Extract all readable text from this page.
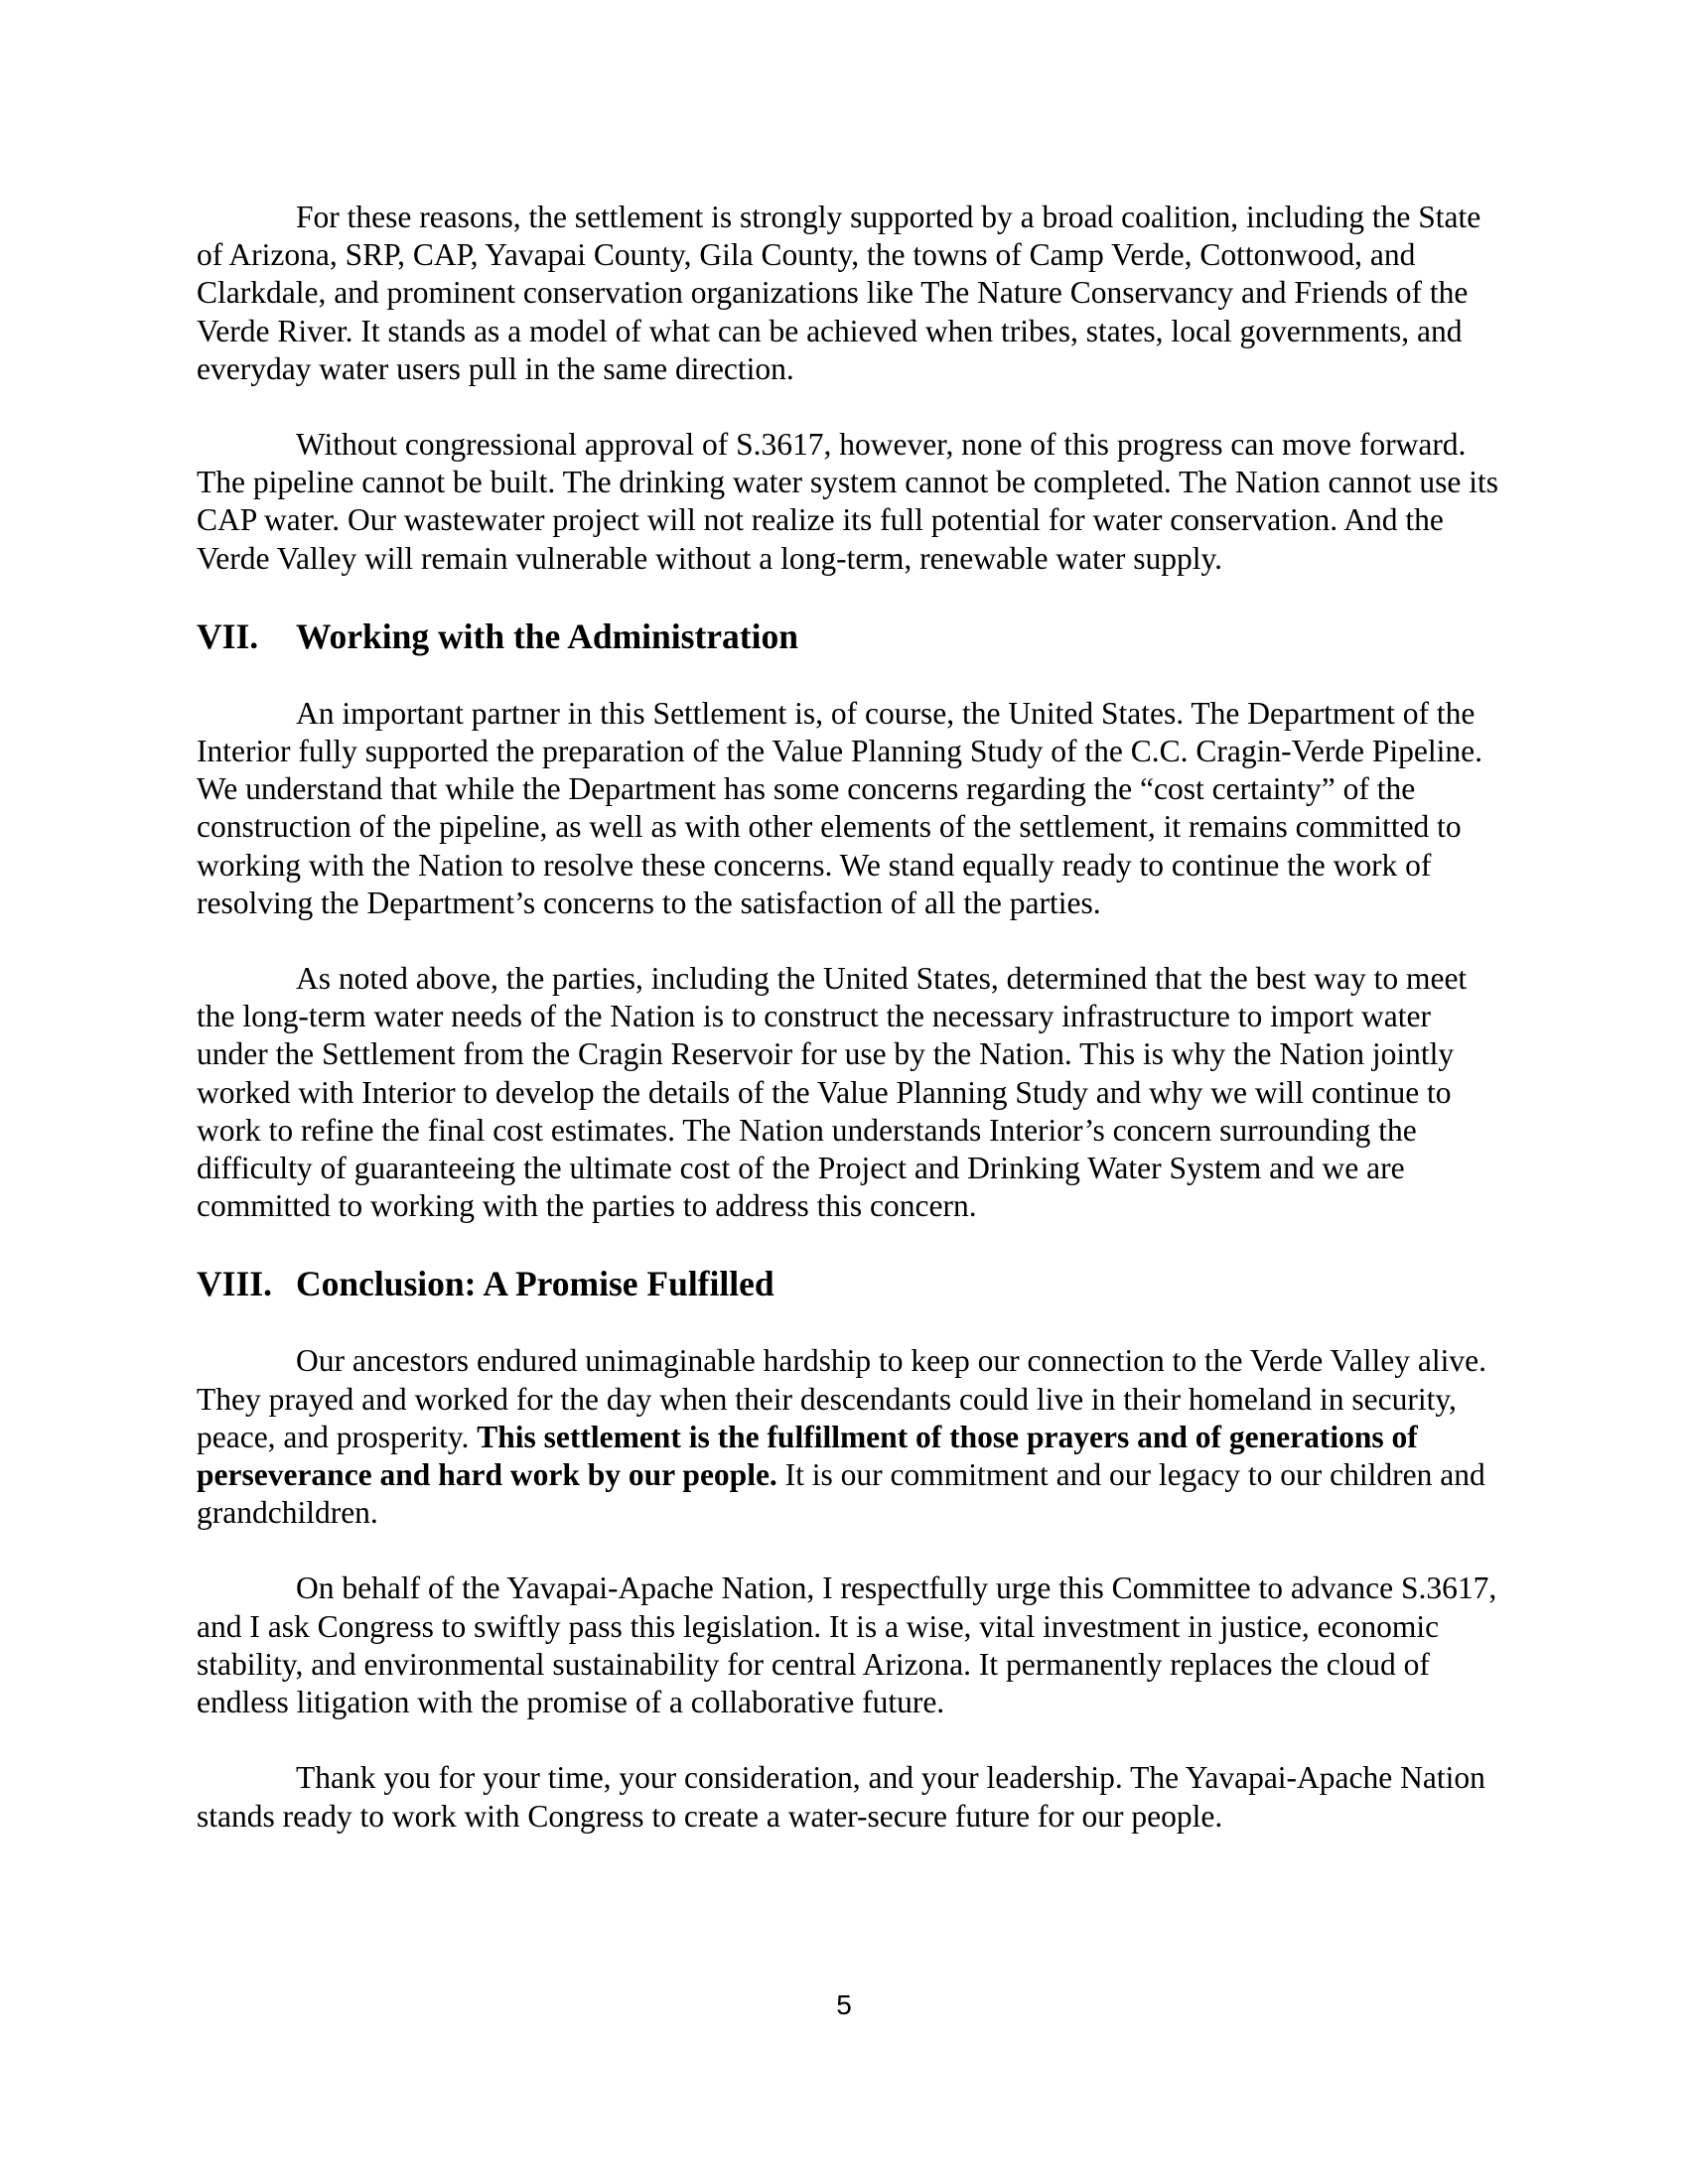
For these reasons, the settlement is strongly supported by a broad coalition, including the State of Arizona, SRP, CAP, Yavapai County, Gila County, the towns of Camp Verde, Cottonwood, and Clarkdale, and prominent conservation organizations like The Nature Conservancy and Friends of the Verde River. It stands as a model of what can be achieved when tribes, states, local governments, and everyday water users pull in the same direction.

Without congressional approval of S.3617, however, none of this progress can move forward. The pipeline cannot be built. The drinking water system cannot be completed. The Nation cannot use its CAP water. Our wastewater project will not realize its full potential for water conservation. And the Verde Valley will remain vulnerable without a long-term, renewable water supply.

VII.	Working with the Administration

An important partner in this Settlement is, of course, the United States. The Department of the Interior fully supported the preparation of the Value Planning Study of the C.C. Cragin-Verde Pipeline. We understand that while the Department has some concerns regarding the “cost certainty” of the construction of the pipeline, as well as with other elements of the settlement, it remains committed to working with the Nation to resolve these concerns. We stand equally ready to continue the work of resolving the Department’s concerns to the satisfaction of all the parties.

As noted above, the parties, including the United States, determined that the best way to meet the long-term water needs of the Nation is to construct the necessary infrastructure to import water under the Settlement from the Cragin Reservoir for use by the Nation. This is why the Nation jointly worked with Interior to develop the details of the Value Planning Study and why we will continue to work to refine the final cost estimates. The Nation understands Interior’s concern surrounding the difficulty of guaranteeing the ultimate cost of the Project and Drinking Water System and we are committed to working with the parties to address this concern.

VIII. Conclusion: A Promise Fulfilled

Our ancestors endured unimaginable hardship to keep our connection to the Verde Valley alive. They prayed and worked for the day when their descendants could live in their homeland in security, peace, and prosperity. This settlement is the fulfillment of those prayers and of generations of perseverance and hard work by our people. It is our commitment and our legacy to our children and grandchildren.

On behalf of the Yavapai-Apache Nation, I respectfully urge this Committee to advance S.3617, and I ask Congress to swiftly pass this legislation. It is a wise, vital investment in justice, economic stability, and environmental sustainability for central Arizona. It permanently replaces the cloud of endless litigation with the promise of a collaborative future.

Thank you for your time, your consideration, and your leadership. The Yavapai-Apache Nation stands ready to work with Congress to create a water-secure future for our people.

5
